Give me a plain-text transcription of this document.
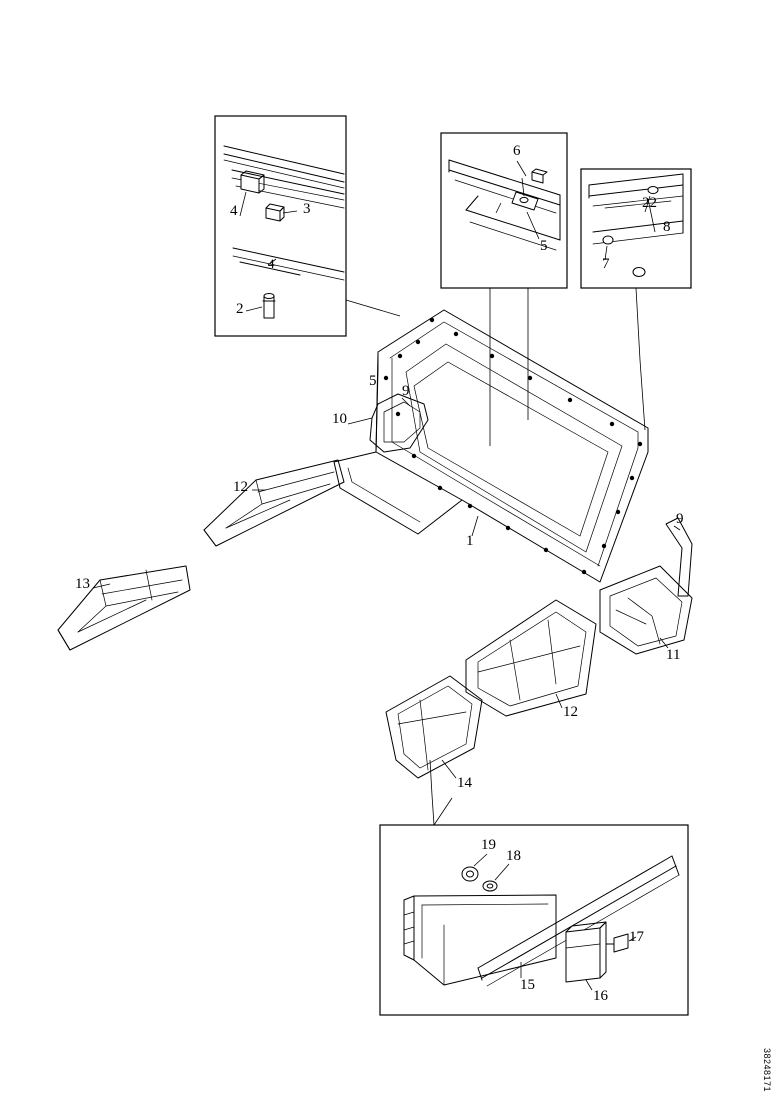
4
1
2
3
4
5
5
6
7
8
9
9
10
11
12
12
13
14
15
16
17
18
19
22
38248171
